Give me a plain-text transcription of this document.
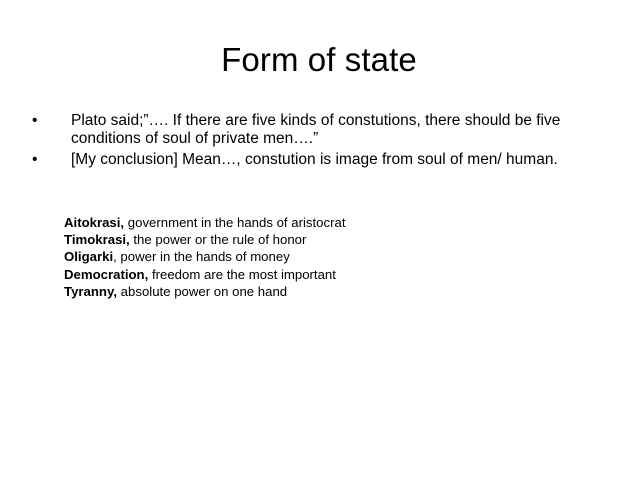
Form of state
•	Plato said;”…. If there are five kinds of constutions, there should be five conditions of soul of private men….”
•	[My conclusion] Mean…, constution is image from soul of men/ human.
Aitokrasi, government in the hands of aristocrat
Timokrasi, the power or the rule of honor
Oligarki, power in the hands of money
Democration, freedom are the most important
Tyranny, absolute power on one hand
